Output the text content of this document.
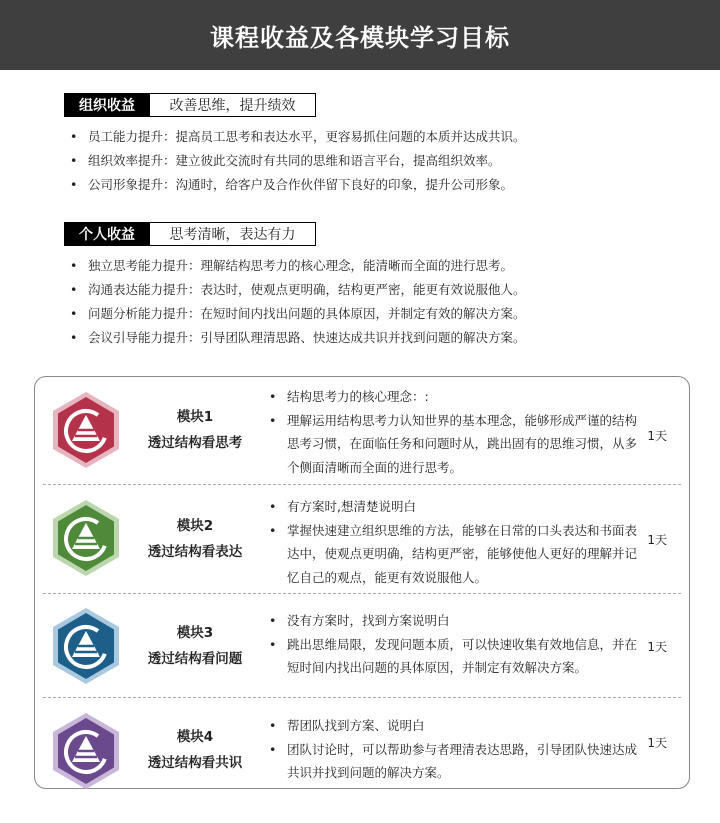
课程收益及各模块学习目标
组织收益	改善思维，提升绩效
• 员工能力提升：提高员工思考和表达水平，更容易抓住问题的本质并达成共识。
• 组织效率提升：建立彼此交流时有共同的思维和语言平台，提高组织效率。
• 公司形象提升：沟通时，给客户及合作伙伴留下良好的印象，提升公司形象。
个人收益	思考清晰，表达有力
• 独立思考能力提升：理解结构思考力的核心理念，能清晰而全面的进行思考。
• 沟通表达能力提升：表达时，使观点更明确，结构更严密，能更有效说服他人。
• 问题分析能力提升：在短时间内找出问题的具体原因，并制定有效的解决方案。
• 会议引导能力提升：引导团队理清思路、快速达成共识并找到问题的解决方案。
模块1
透过结构看思考
• 结构思考力的核心理念：:
• 理解运用结构思考力认知世界的基本理念，能够形成严谨的结构思考习惯，在面临任务和问题时从，跳出固有的思维习惯，从多个侧面清晰而全面的进行思考。
1天
模块2
透过结构看表达
• 有方案时,想清楚说明白
• 掌握快速建立组织思维的方法，能够在日常的口头表达和书面表达中，使观点更明确，结构更严密，能够使他人更好的理解并记忆自己的观点，能更有效说服他人。
1天
模块3
透过结构看问题
• 没有方案时，找到方案说明白
• 跳出思维局限，发现问题本质，可以快速收集有效地信息，并在短时间内找出问题的具体原因，并制定有效解决方案。
1天
模块4
透过结构看共识
• 帮团队找到方案、说明白
• 团队讨论时，可以帮助参与者理清表达思路，引导团队快速达成共识并找到问题的解决方案。
1天
